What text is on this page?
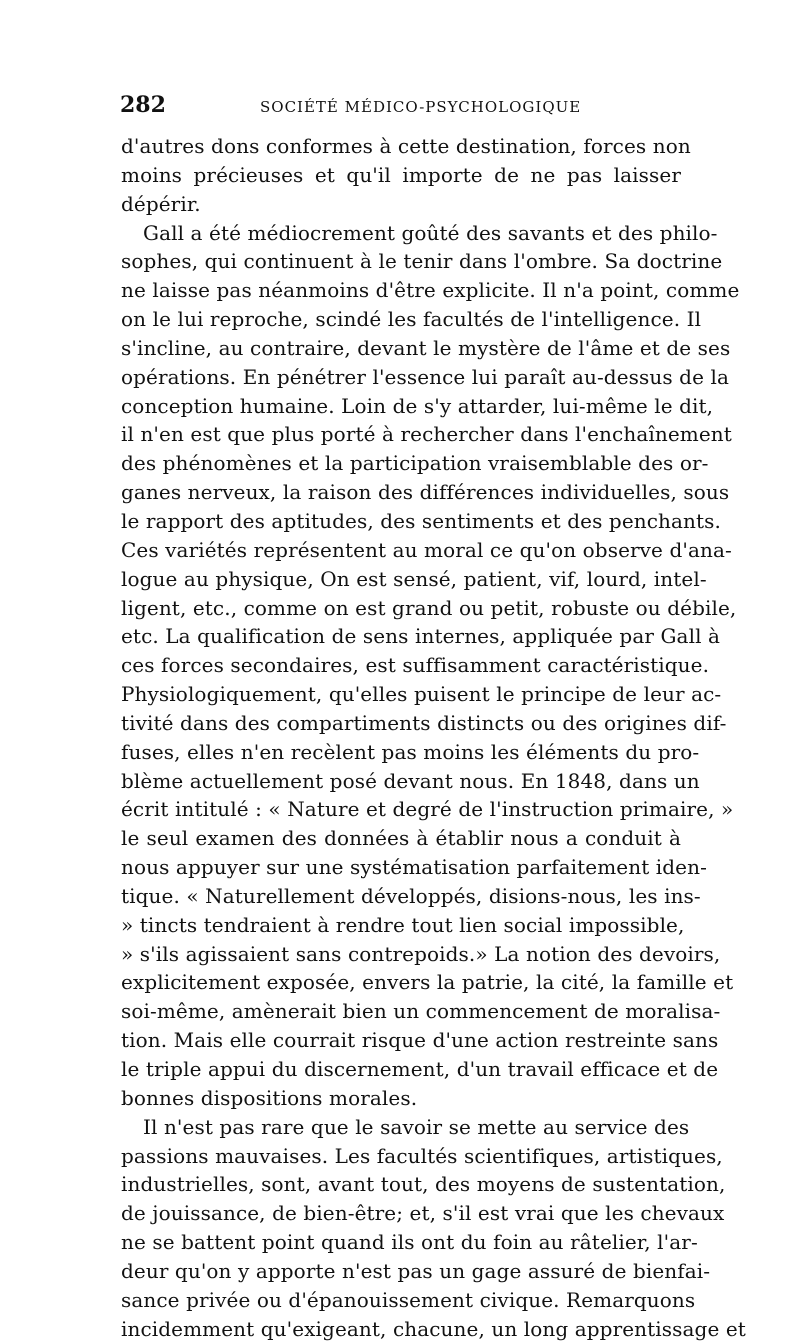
282	SOCIÉTÉ MÉDICO-PSYCHOLOGIQUE
d'autres dons conformes à cette destination, forces non
moins précieuses et qu'il importe de ne pas laisser
dépérir.
Gall a été médiocrement goûté des savants et des philo-
sophes, qui continuent à le tenir dans l'ombre. Sa doctrine
ne laisse pas néanmoins d'être explicite. Il n'a point, comme
on le lui reproche, scindé les facultés de l'intelligence. Il
s'incline, au contraire, devant le mystère de l'âme et de ses
opérations. En pénétrer l'essence lui paraît au-dessus de la
conception humaine. Loin de s'y attarder, lui-même le dit,
il n'en est que plus porté à rechercher dans l'enchaînement
des phénomènes et la participation vraisemblable des or-
ganes nerveux, la raison des différences individuelles, sous
le rapport des aptitudes, des sentiments et des penchants.
Ces variétés représentent au moral ce qu'on observe d'ana-
logue au physique, On est sensé, patient, vif, lourd, intel-
ligent, etc., comme on est grand ou petit, robuste ou débile,
etc. La qualification de sens internes, appliquée par Gall à
ces forces secondaires, est suffisamment caractéristique.
Physiologiquement, qu'elles puisent le principe de leur ac-
tivité dans des compartiments distincts ou des origines dif-
fuses, elles n'en recèlent pas moins les éléments du pro-
blème actuellement posé devant nous. En 1848, dans un
écrit intitulé : « Nature et degré de l'instruction primaire, »
le seul examen des données à établir nous a conduit à
nous appuyer sur une systématisation parfaitement iden-
tique. « Naturellement développés, disions-nous, les ins-
» tincts tendraient à rendre tout lien social impossible,
» s'ils agissaient sans contrepoids.» La notion des devoirs,
explicitement exposée, envers la patrie, la cité, la famille et
soi-même, amènerait bien un commencement de moralisa-
tion. Mais elle courrait risque d'une action restreinte sans
le triple appui du discernement, d'un travail efficace et de
bonnes dispositions morales.
Il n'est pas rare que le savoir se mette au service des
passions mauvaises. Les facultés scientifiques, artistiques,
industrielles, sont, avant tout, des moyens de sustentation,
de jouissance, de bien-être; et, s'il est vrai que les chevaux
ne se battent point quand ils ont du foin au râtelier, l'ar-
deur qu'on y apporte n'est pas un gage assuré de bienfai-
sance privée ou d'épanouissement civique. Remarquons
incidemment qu'exigeant, chacune, un long apprentissage et
